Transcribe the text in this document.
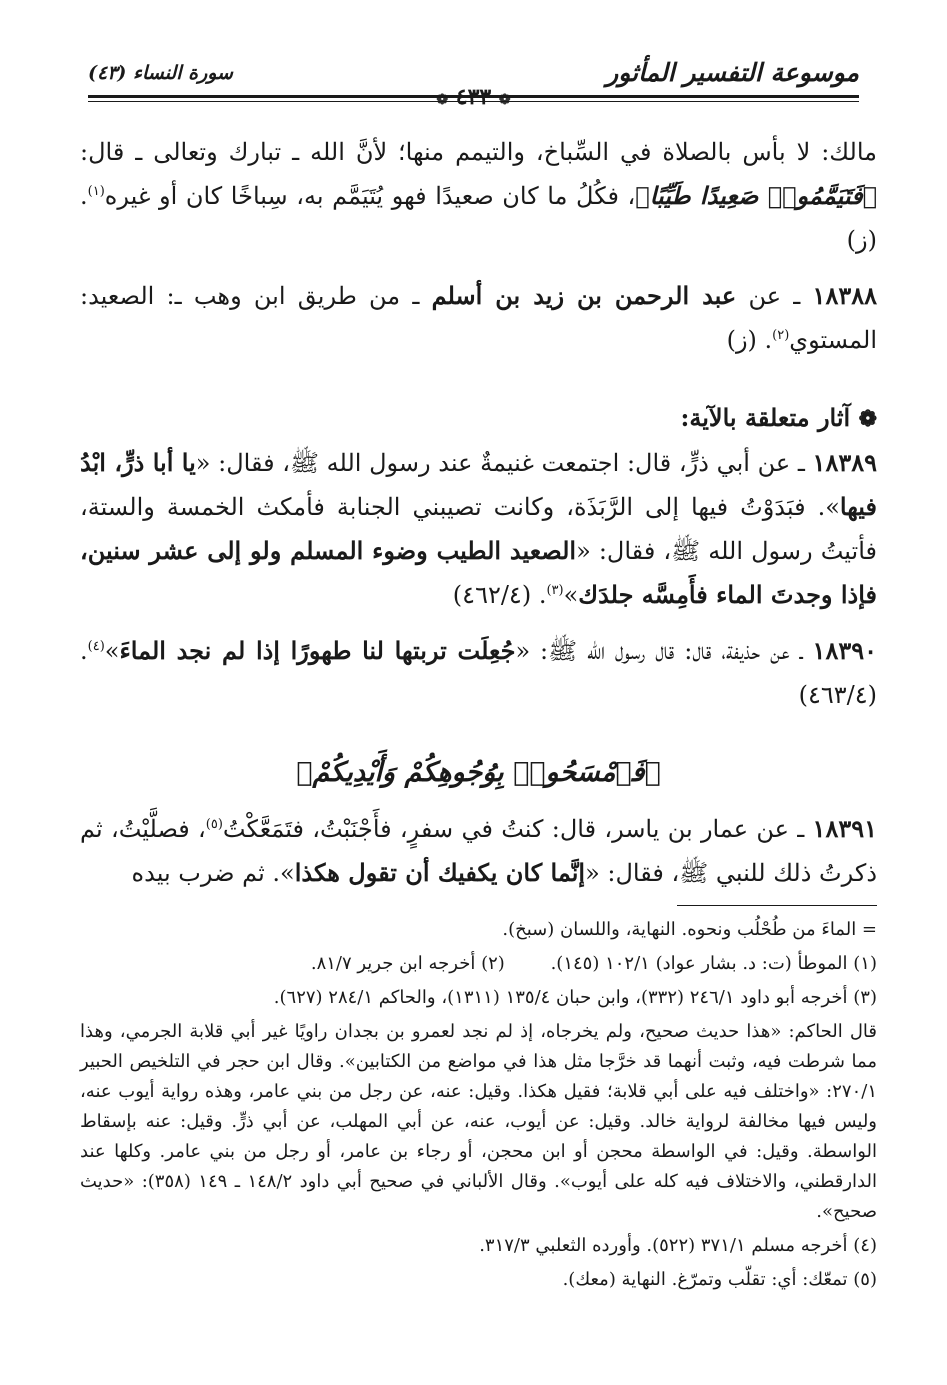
موسوعة التفسير المأثور
❁ ٤٣٣ ❁
سورة النساء (٤٣)

مالك: لا بأس بالصلاة في السِّباخ، والتيمم منها؛ لأنَّ الله ـ تبارك وتعالى ـ قال: ﴿فَتَيَمَّمُوا۟ صَعِيدًا طَيِّبًا﴾، فكُلُ ما كان صعيدًا فهو يُتَيَمَّم به، سِباخًا كان أو غيره$^{(١)}$. (ز)

١٨٣٨٨ ـ عن عبد الرحمن بن زيد بن أسلم ـ من طريق ابن وهب ـ: الصعيد: المستوي$^{(٢)}$. (ز)

❁ آثار متعلقة بالآية:

١٨٣٨٩ ـ عن أبي ذرٍّ، قال: اجتمعت غنيمةٌ عند رسول الله ﷺ، فقال: «يا أبا ذرٍّ، ابْدُ فيها». فبَدَوْتُ فيها إلى الرَّبَذَة، وكانت تصيبني الجنابة فأمكث الخمسة والستة، فأتيتُ رسول الله ﷺ، فقال: «الصعيد الطيب وضوء المسلم ولو إلى عشر سنين، فإذا وجدتَ الماء فأَمِسَّه جلدَك»$^{(٣)}$. (٤٦٢/٤)

١٨٣٩٠ ـ عن حذيفة، قال: قال رسول الله ﷺ: «جُعِلَت تربتها لنا طهورًا إذا لم نجد الماءَ»$^{(٤)}$. (٤٦٣/٤)

﴿فَٱمْسَحُوا۟ بِوُجُوهِكُمْ وَأَيْدِيكُمْ﴾

١٨٣٩١ ـ عن عمار بن ياسر، قال: كنتُ في سفرٍ، فأَجْنَبْتُ، فتَمَعَّكْتُ$^{(٥)}$، فصلَّيْتُ، ثم ذكرتُ ذلك للنبي ﷺ، فقال: «إنَّما كان يكفيك أن تقول هكذا». ثم ضرب بيده

= الماءَ من طُحْلُب ونحوه. النهاية، واللسان (سبخ).

(١) الموطأ (ت: د. بشار عواد) ١٠٢/١ (١٤٥).        (٢) أخرجه ابن جرير ٨١/٧.

(٣) أخرجه أبو داود ٢٤٦/١ (٣٣٢)، وابن حبان ١٣٥/٤ (١٣١١)، والحاكم ٢٨٤/١ (٦٢٧).

قال الحاكم: «هذا حديث صحيح، ولم يخرجاه، إذ لم نجد لعمرو بن بجدان راويًا غير أبي قلابة الجرمي، وهذا مما شرطت فيه، وثبت أنهما قد خرَّجا مثل هذا في مواضع من الكتابين». وقال ابن حجر في التلخيص الحبير ٢٧٠/١: «واختلف فيه على أبي قلابة؛ فقيل هكذا. وقيل: عنه، عن رجل من بني عامر، وهذه رواية أيوب عنه، وليس فيها مخالفة لرواية خالد. وقيل: عن أيوب، عنه، عن أبي المهلب، عن أبي ذرٍّ. وقيل: عنه بإسقاط الواسطة. وقيل: في الواسطة محجن أو ابن محجن، أو رجاء بن عامر، أو رجل من بني عامر. وكلها عند الدارقطني، والاختلاف فيه كله على أيوب». وقال الألباني في صحيح أبي داود ١٤٨/٢ ـ ١٤٩ (٣٥٨): «حديث صحيح».

(٤) أخرجه مسلم ٣٧١/١ (٥٢٢). وأورده الثعلبي ٣١٧/٣.

(٥) تمعّك: أي: تقلّب وتمرّغ. النهاية (معك).
